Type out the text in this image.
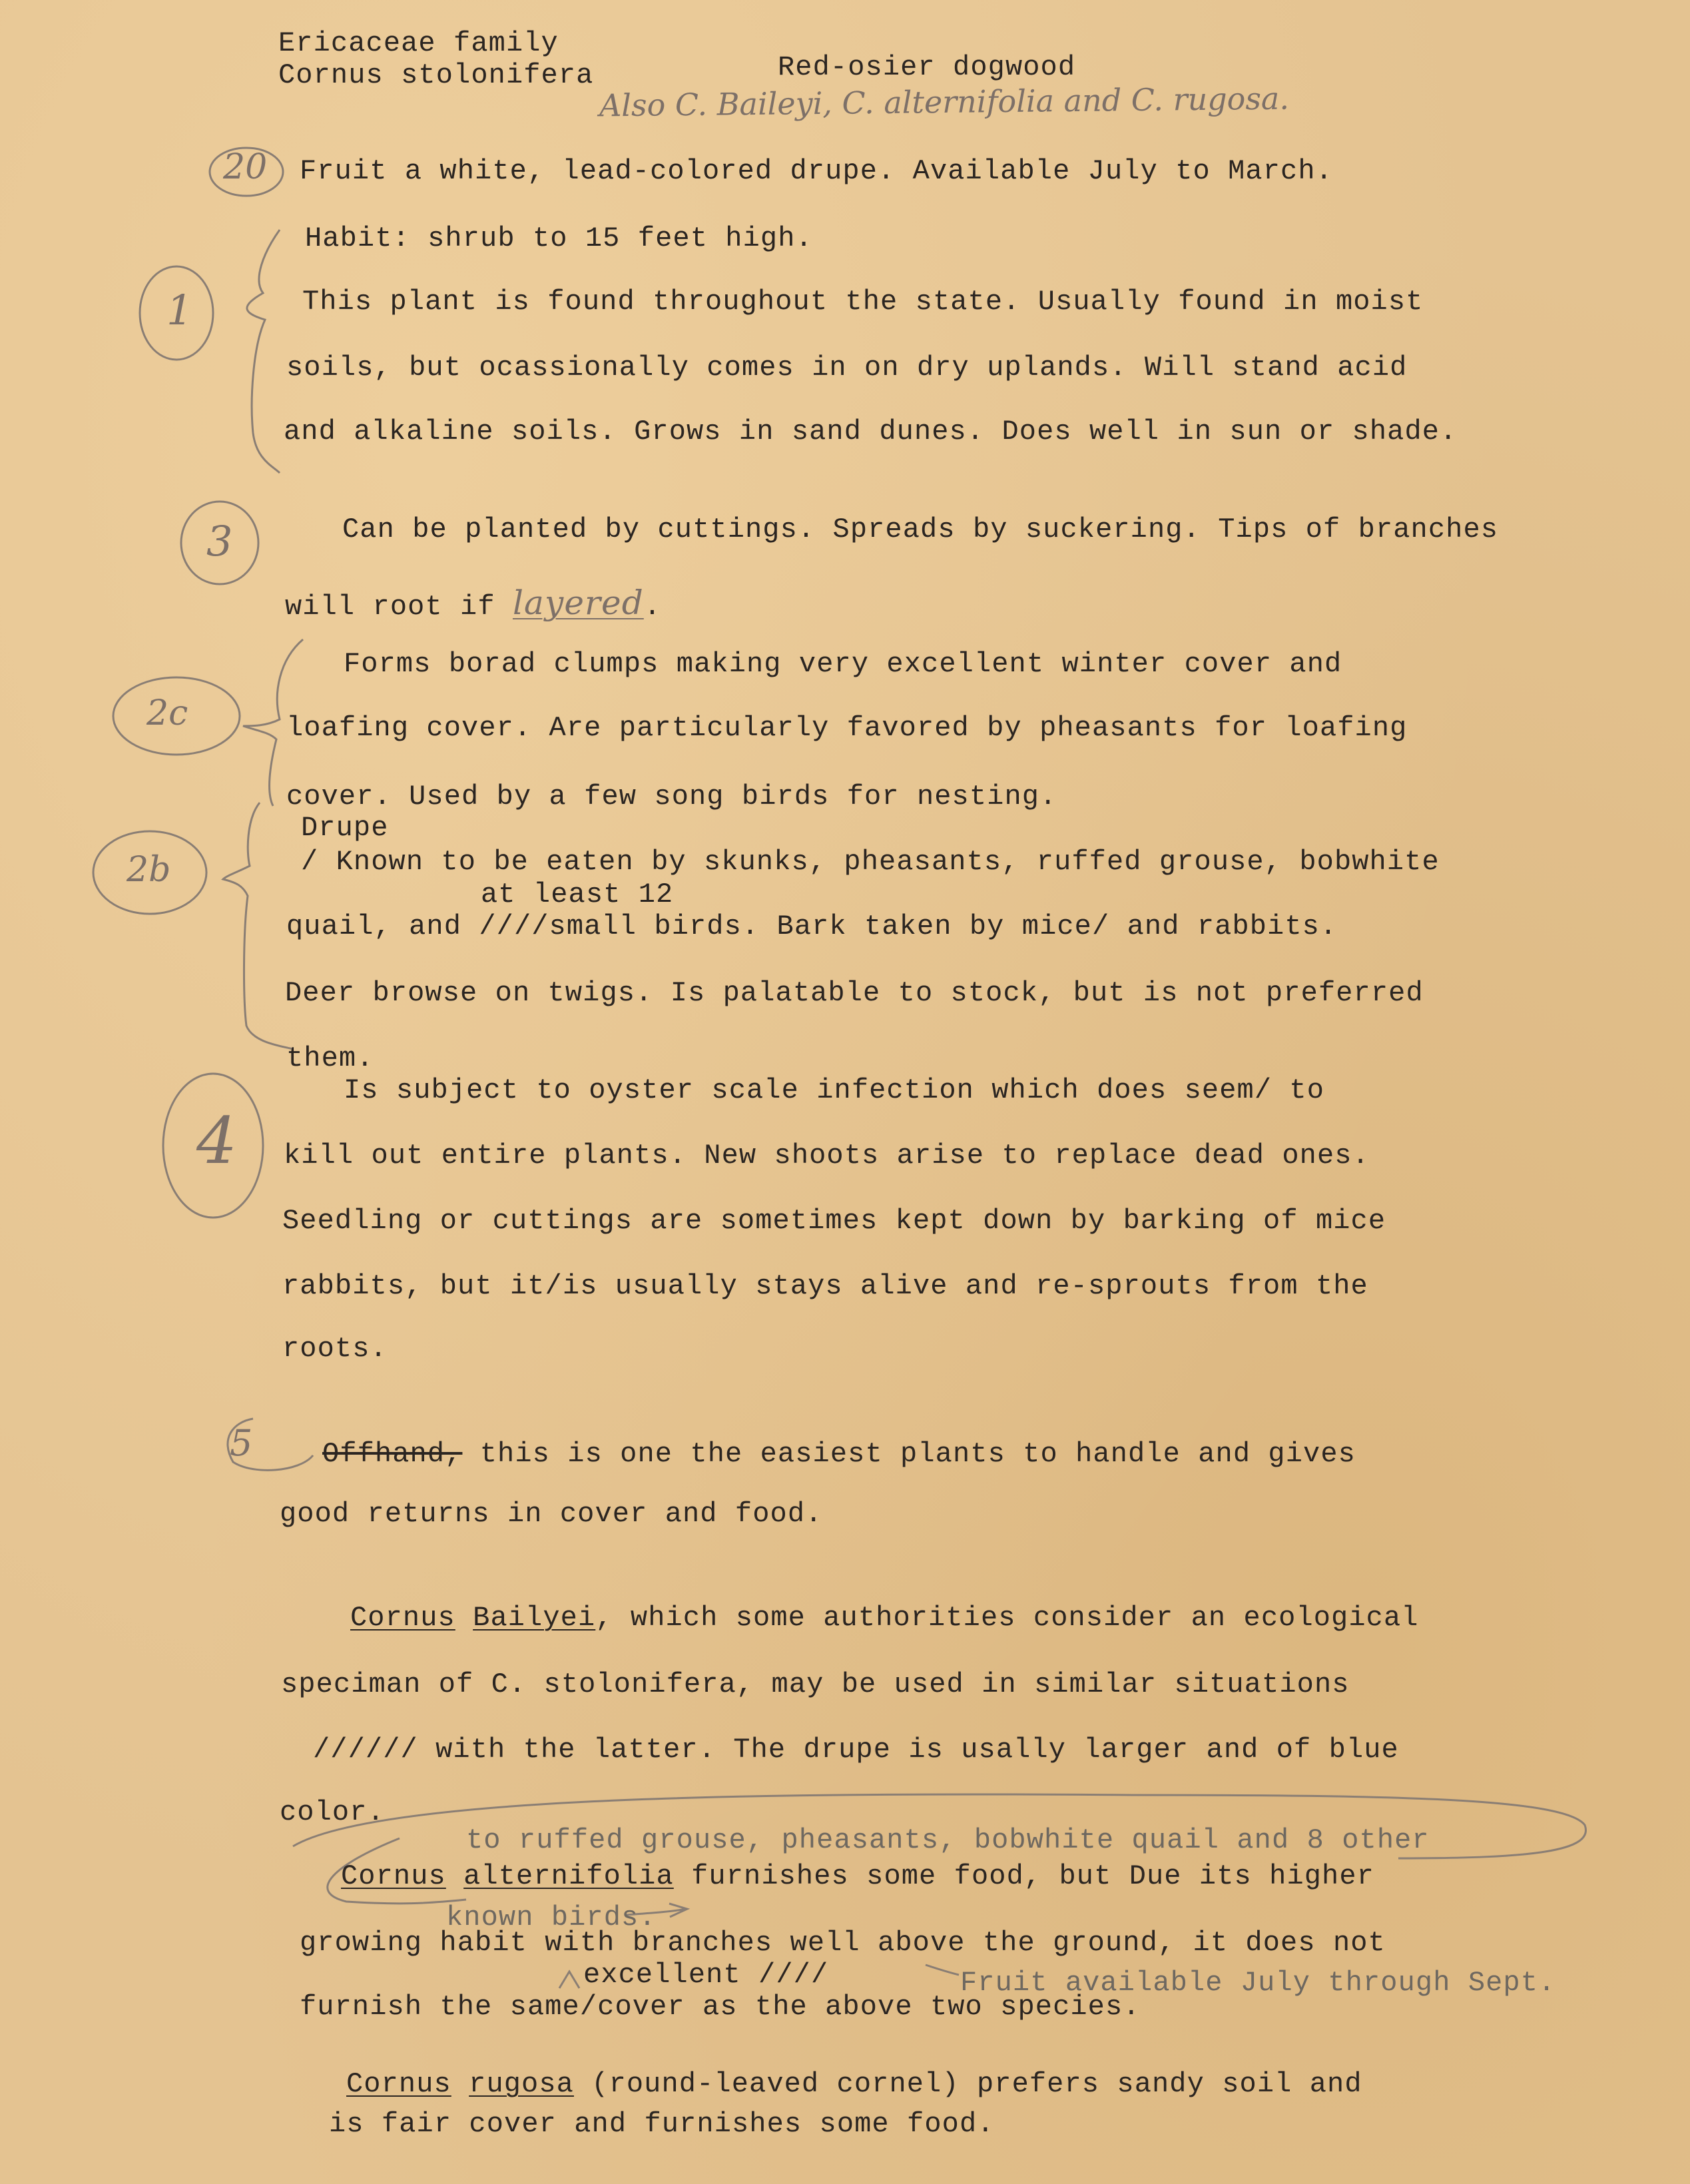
Ericaceae family

Cornus stolonifera	Red-osier dogwood

Also C. Baileyi, C. alternifolia and C. rugosa.

20

1

3

2c

2b

4

5

Fruit a white, lead-colored drupe. Available July to March.

Habit: shrub to 15 feet high.

This plant is found throughout the state. Usually found in moist

soils, but ocassionally comes in on dry uplands. Will stand acid

and alkaline soils. Grows in sand dunes. Does well in sun or shade.

Can be planted by cuttings. Spreads by suckering. Tips of branches

will root if layered.

Forms borad clumps making very excellent winter cover and

loafing cover. Are particularly favored by pheasants for loafing

cover. Used by a few song birds for nesting.

Drupe

/ Known to be eaten by skunks, pheasants, ruffed grouse, bobwhite

at least 12

quail, and ////small birds. Bark taken by mice/ and rabbits.

Deer browse on twigs. Is palatable to stock, but is not preferred

them.

Is subject to oyster scale infection which does seem/ to

kill out entire plants. New shoots arise to replace dead ones.

Seedling or cuttings are sometimes kept down by barking of mice

rabbits, but it/is usually stays alive and re-sprouts from the

roots.

Offhand, this is one the easiest plants to handle and gives

good returns in cover and food.

Cornus Bailyei, which some authorities consider an ecological

speciman of C. stolonifera, may be used in similar situations

////// with the latter. The drupe is usally larger and of blue

color.

to ruffed grouse, pheasants, bobwhite quail and 8 other

Cornus alternifolia furnishes some food, but Due its higher

known birds.

growing habit with branches well above the ground, it does not

excellent ////	Fruit available July through Sept.

furnish the same/cover as the above two species.

Cornus rugosa (round-leaved cornel) prefers sandy soil and

is fair cover and furnishes some food.
